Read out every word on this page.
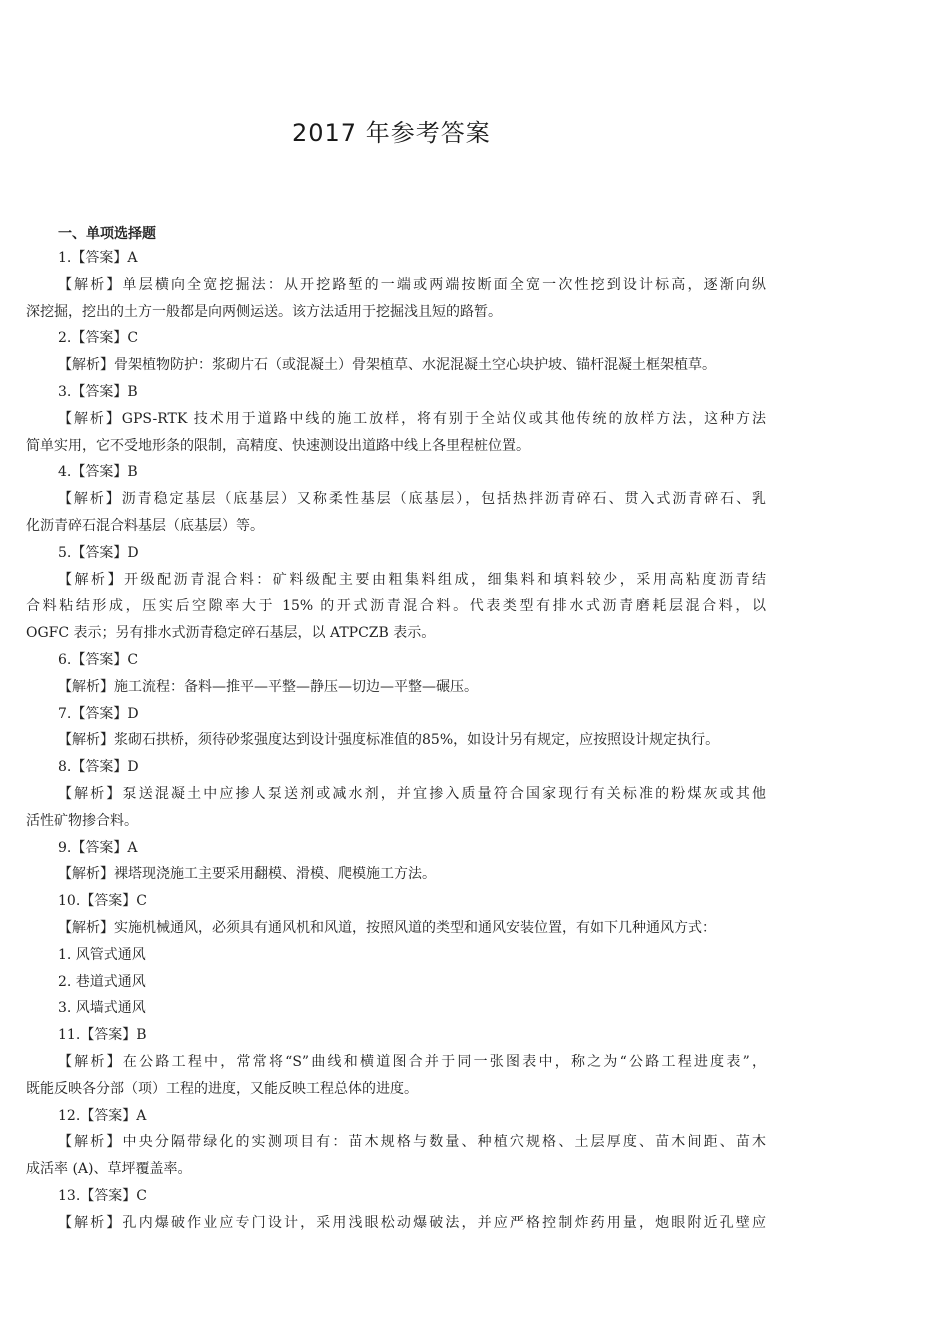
2017 年参考答案
一、单项选择题
1.【答案】A
【解析】单层横向全宽挖掘法：从开挖路堑的一端或两端按断面全宽一次性挖到设计标高，逐渐向纵
深挖掘，挖出的土方一般都是向两侧运送。该方法适用于挖掘浅且短的路暂。
2.【答案】C
【解析】骨架植物防护：浆砌片石（或混凝土）骨架植草、水泥混凝土空心块护坡、锚杆混凝土框架植草。
3.【答案】B
【解析】GPS-RTK 技术用于道路中线的施工放样，将有别于全站仪或其他传统的放样方法，这种方法
简单实用，它不受地形条的限制，高精度、快速测设出道路中线上各里程桩位置。
4.【答案】B
【解析】沥青稳定基层（底基层）又称柔性基层（底基层），包括热拌沥青碎石、贯入式沥青碎石、乳
化沥青碎石混合料基层（底基层）等。
5.【答案】D
【解析】开级配沥青混合料：矿料级配主要由粗集料组成，细集料和填料较少，采用高粘度沥青结
合料粘结形成，压实后空隙率大于 15% 的开式沥青混合料。代表类型有排水式沥青磨耗层混合料，以
OGFC 表示；另有排水式沥青稳定碎石基层，以 ATPCZB 表示。
6.【答案】C
【解析】施工流程：备料—推平—平整—静压—切边—平整—碾压。
7.【答案】D
【解析】浆砌石拱桥，须待砂浆强度达到设计强度标准值的85%，如设计另有规定，应按照设计规定执行。
8.【答案】D
【解析】泵送混凝土中应掺人泵送剂或减水剂，并宜掺入质量符合国家现行有关标准的粉煤灰或其他
活性矿物掺合料。
9.【答案】A
【解析】裸塔现浇施工主要采用翻模、滑模、爬模施工方法。
10.【答案】C
【解析】实施机械通风，必须具有通风机和风道，按照风道的类型和通风安装位置，有如下几种通风方式：
1. 风管式通风
2. 巷道式通风
3. 风墙式通风
11.【答案】B
【解析】在公路工程中，常常将“S”曲线和横道图合并于同一张图表中，称之为“公路工程进度表”，
既能反映各分部（项）工程的进度，又能反映工程总体的进度。
12.【答案】A
【解析】中央分隔带绿化的实测项目有：苗木规格与数量、种植穴规格、土层厚度、苗木间距、苗木
成活率 (A)、草坪覆盖率。
13.【答案】C
【解析】孔内爆破作业应专门设计，采用浅眼松动爆破法，并应严格控制炸药用量，炮眼附近孔壁应
